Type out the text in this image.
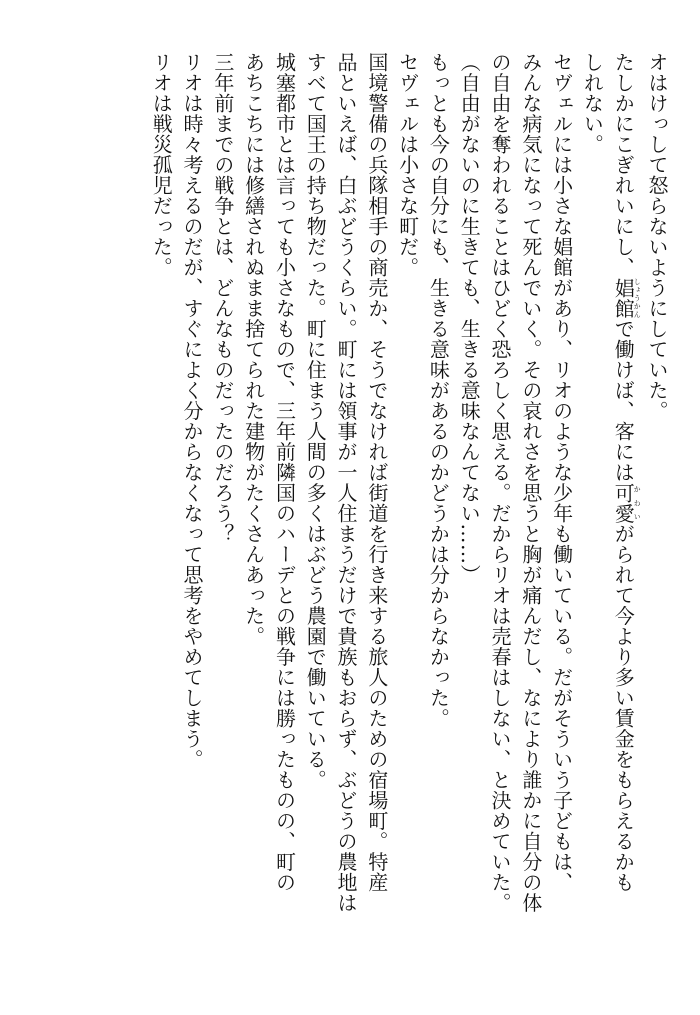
オはけっして怒らないようにしていた。
たしかにこぎれいにし、娼館しょうかんで働けば、客には可愛かわいがられて今より多い賃金をもらえるかも
しれない。
セヴェルには小さな娼館があり、リオのような少年も働いている。だがそういう子どもは、
みんな病気になって死んでいく。その哀れさを思うと胸が痛んだし、なにより誰かに自分の体
の自由を奪われることはひどく恐ろしく思える。だからリオは売春はしない、と決めていた。
（自由がないのに生きても、生きる意味なんてない……）
もっとも今の自分にも、生きる意味があるのかどうかは分からなかった。
セヴェルは小さな町だ。
国境警備の兵隊相手の商売か、そうでなければ街道を行き来する旅人のための宿場町。特産
品といえば、白ぶどうくらい。町には領事が一人住まうだけで貴族もおらず、ぶどうの農地は
すべて国王の持ち物だった。町に住まう人間の多くはぶどう農園で働いている。
城塞都市とは言っても小さなもので、三年前隣国のハーデとの戦争には勝ったものの、町の
あちこちには修繕されぬまま捨てられた建物がたくさんあった。
三年前までの戦争とは、どんなものだったのだろう？
リオは時々考えるのだが、すぐによく分からなくなって思考をやめてしまう。
リオは戦災孤児だった。
